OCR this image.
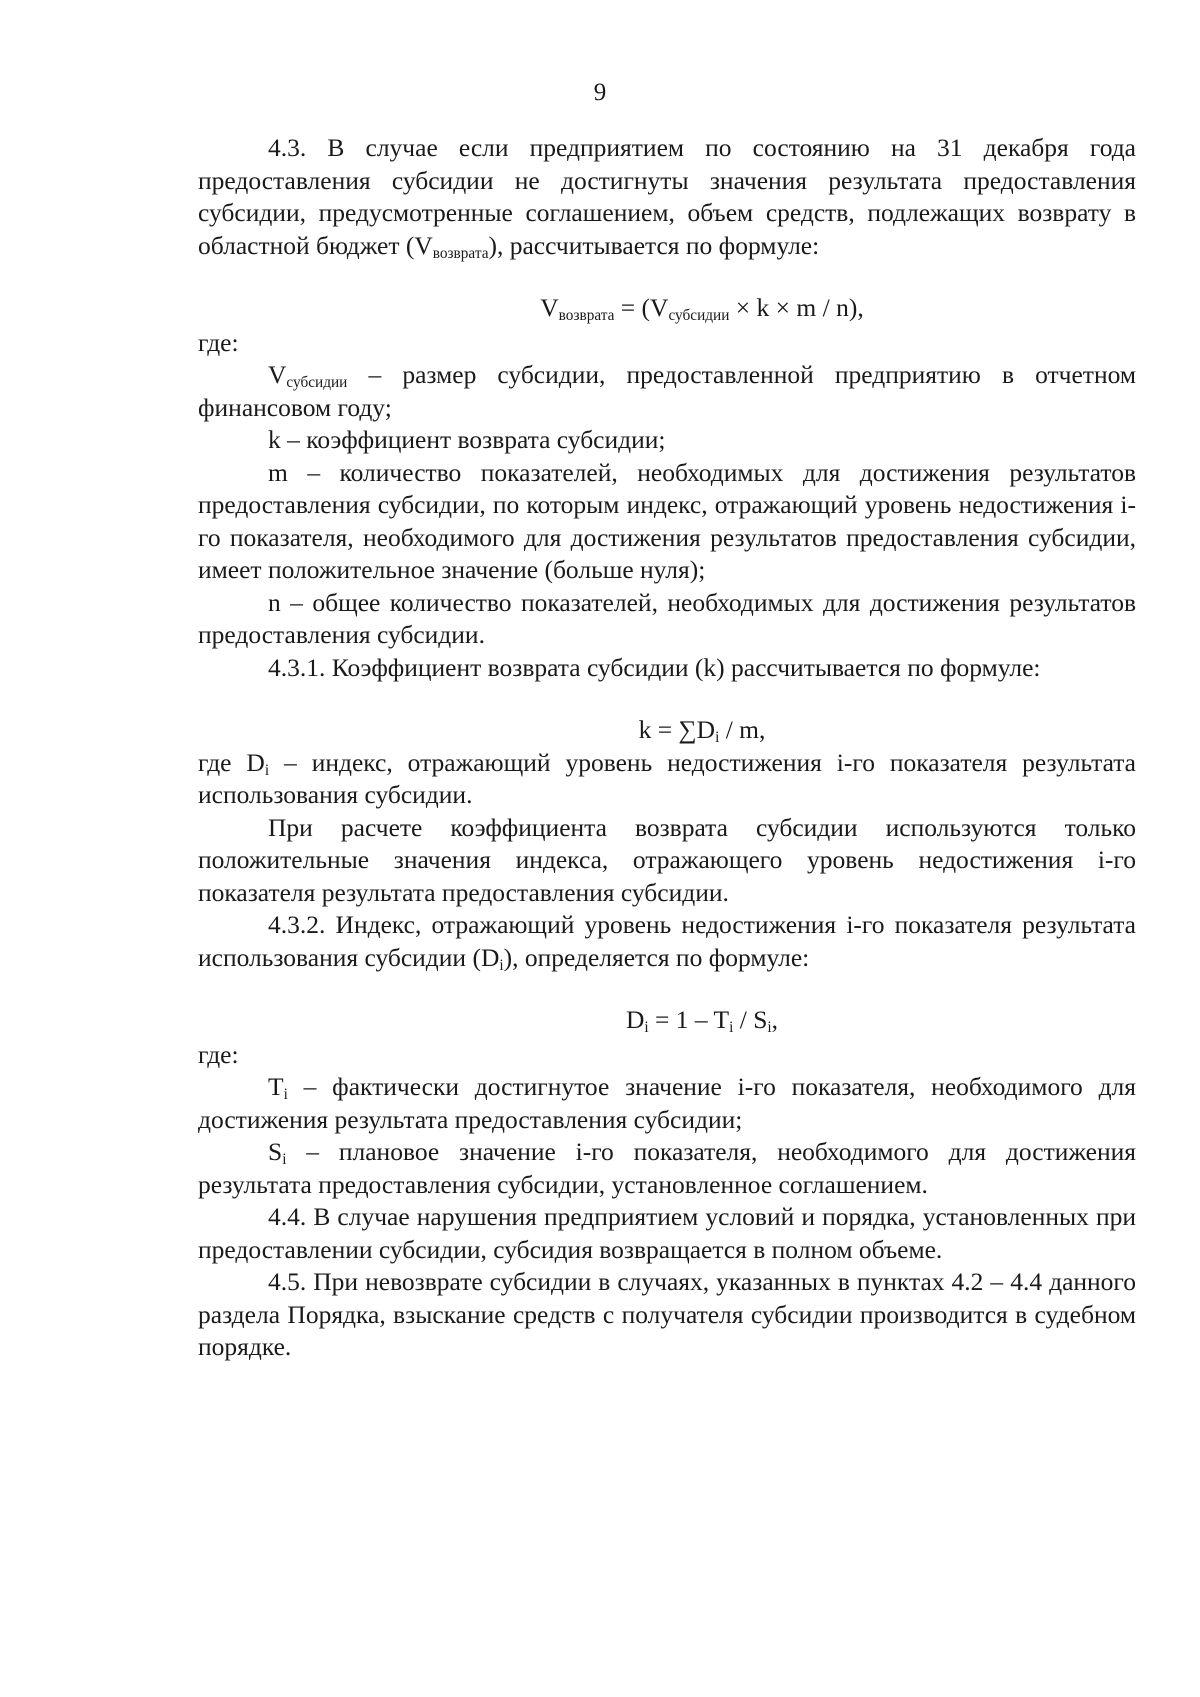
9

4.3. В случае если предприятием по состоянию на 31 декабря года предоставления субсидии не достигнуты значения результата предоставления субсидии, предусмотренные соглашением, объем средств, подлежащих возврату в областной бюджет $(V_{возврата})$, рассчитывается по формуле:

$V_{возврата} = (V_{субсидии} \times k \times m / n)$,

где:

$V_{субсидии}$ – размер субсидии, предоставленной предприятию в отчетном финансовом году;

k – коэффициент возврата субсидии;

m – количество показателей, необходимых для достижения результатов предоставления субсидии, по которым индекс, отражающий уровень недостижения i-го показателя, необходимого для достижения результатов предоставления субсидии, имеет положительное значение (больше нуля);

n – общее количество показателей, необходимых для достижения результатов предоставления субсидии.

4.3.1. Коэффициент возврата субсидии (k) рассчитывается по формуле:

$k = \sum D_i / m$,

где $D_i$ – индекс, отражающий уровень недостижения i-го показателя результата использования субсидии.

При расчете коэффициента возврата субсидии используются только положительные значения индекса, отражающего уровень недостижения i-го показателя результата предоставления субсидии.

4.3.2. Индекс, отражающий уровень недостижения i-го показателя результата использования субсидии $(D_i)$, определяется по формуле:

$D_i = 1 - T_i / S_i$,

где:

$T_i$ – фактически достигнутое значение i-го показателя, необходимого для достижения результата предоставления субсидии;

$S_i$ – плановое значение i-го показателя, необходимого для достижения результата предоставления субсидии, установленное соглашением.

4.4. В случае нарушения предприятием условий и порядка, установленных при предоставлении субсидии, субсидия возвращается в полном объеме.

4.5. При невозврате субсидии в случаях, указанных в пунктах 4.2 – 4.4 данного раздела Порядка, взыскание средств с получателя субсидии производится в судебном порядке.
